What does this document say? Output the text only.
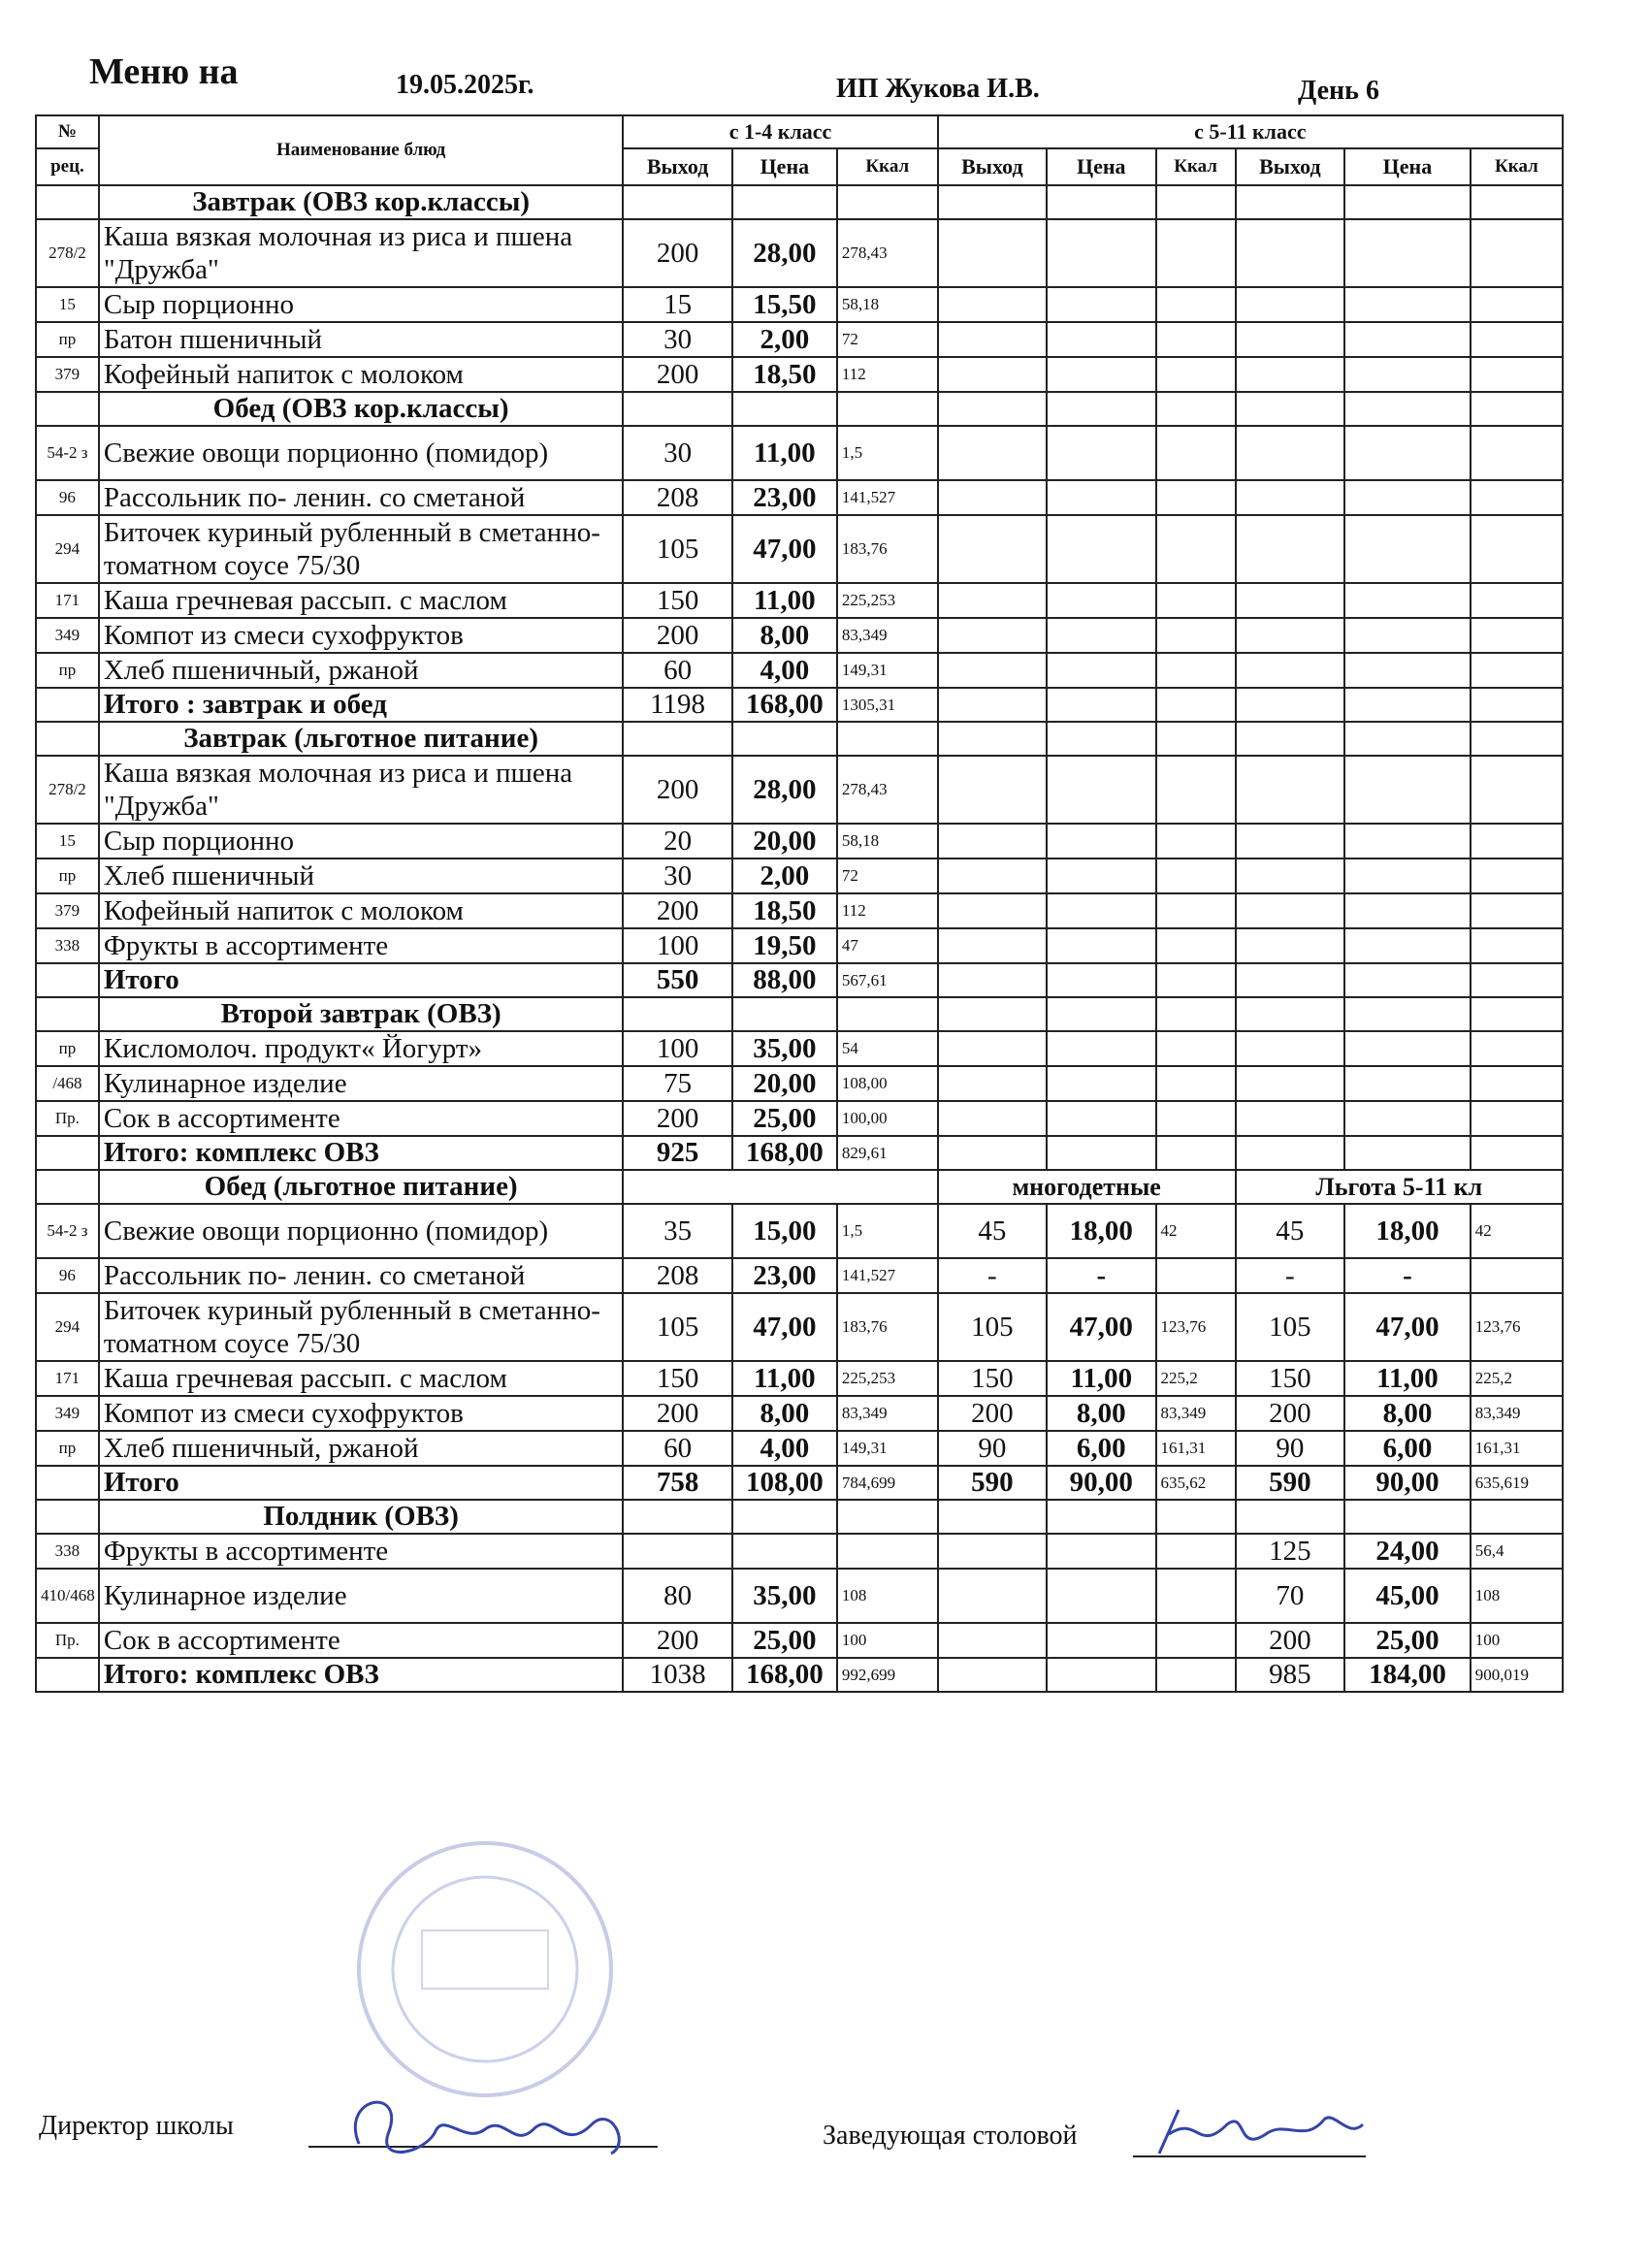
Меню на	19.05.2025г.	ИП Жукова И.В.	День 6
№	Наименование блюд	с 1-4 класс			с 5-11 класс					
рец.		Выход	Цена	Ккал	Выход	Цена	Ккал	Выход	Цена	Ккал
	Завтрак (ОВЗ кор.классы)									
278/2	Каша вязкая молочная из риса и пшена "Дружба"	200	28,00	278,43						
15	Сыр порционно	15	15,50	58,18						
пр	Батон пшеничный	30	2,00	72						
379	Кофейный напиток с молоком	200	18,50	112						
	Обед (ОВЗ кор.классы)									
54-2 з	Свежие овощи порционно (помидор)	30	11,00	1,5						
96	Рассольник по- ленин. со сметаной	208	23,00	141,527						
294	Биточек куриный рубленный в сметанно-томатном соусе 75/30	105	47,00	183,76						
171	Каша гречневая рассып. с маслом	150	11,00	225,253						
349	Компот из смеси сухофруктов	200	8,00	83,349						
пр	Хлеб пшеничный, ржаной	60	4,00	149,31						
	Итого : завтрак и обед	1198	168,00	1305,31						
	Завтрак (льготное питание)									
278/2	Каша вязкая молочная из риса и пшена "Дружба"	200	28,00	278,43						
15	Сыр порционно	20	20,00	58,18						
пр	Хлеб пшеничный	30	2,00	72						
379	Кофейный напиток с молоком	200	18,50	112						
338	Фрукты в ассортименте	100	19,50	47						
	Итого	550	88,00	567,61						
	Второй завтрак (ОВЗ)									
пр	Кисломолоч. продукт« Йогурт»	100	35,00	54						
/468	Кулинарное изделие	75	20,00	108,00						
Пр.	Сок в ассортименте	200	25,00	100,00						
	Итого: комплекс ОВЗ	925	168,00	829,61						
	Обед (льготное питание)				многодетные			Льгота 5-11 кл		
54-2 з	Свежие овощи порционно (помидор)	35	15,00	1,5	45	18,00	42	45	18,00	42
96	Рассольник по- ленин. со сметаной	208	23,00	141,527	-	-		-	-	
294	Биточек куриный рубленный в сметанно-томатном соусе 75/30	105	47,00	183,76	105	47,00	123,76	105	47,00	123,76
171	Каша гречневая рассып. с маслом	150	11,00	225,253	150	11,00	225,2	150	11,00	225,2
349	Компот из смеси сухофруктов	200	8,00	83,349	200	8,00	83,349	200	8,00	83,349
пр	Хлеб пшеничный, ржаной	60	4,00	149,31	90	6,00	161,31	90	6,00	161,31
	Итого	758	108,00	784,699	590	90,00	635,62	590	90,00	635,619
	Полдник (ОВЗ)									
338	Фрукты в ассортименте							125	24,00	56,4
410/468	Кулинарное изделие	80	35,00	108				70	45,00	108
Пр.	Сок в ассортименте	200	25,00	100				200	25,00	100
	Итого: комплекс ОВЗ	1038	168,00	992,699				985	184,00	900,019
Директор школы	Заведующая столовой
